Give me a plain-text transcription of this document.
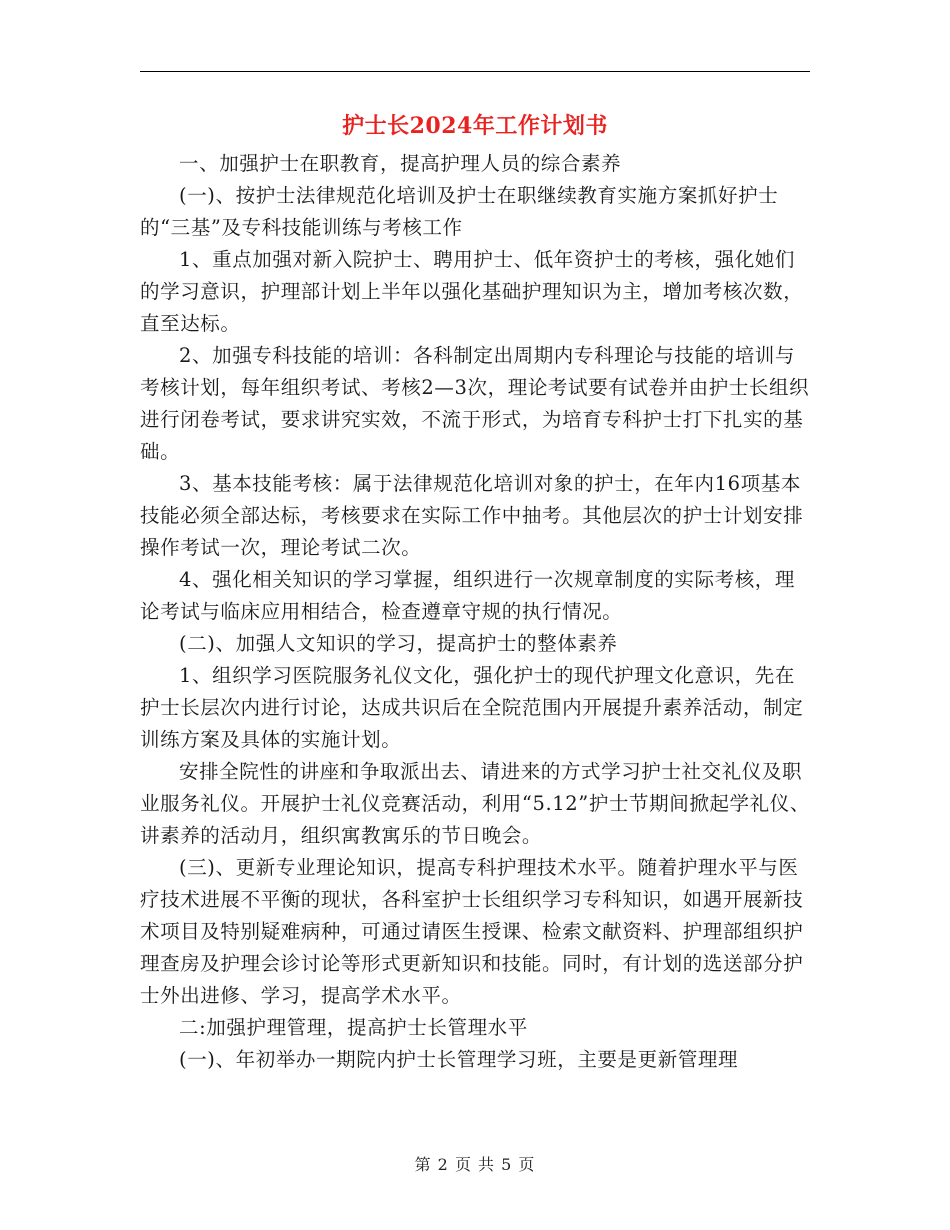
护士长2024年工作计划书

一、加强护士在职教育，提高护理人员的综合素养

(一)、按护士法律规范化培训及护士在职继续教育实施方案抓好护士的“三基”及专科技能训练与考核工作

1、重点加强对新入院护士、聘用护士、低年资护士的考核，强化她们的学习意识，护理部计划上半年以强化基础护理知识为主，增加考核次数，直至达标。

2、加强专科技能的培训：各科制定出周期内专科理论与技能的培训与考核计划，每年组织考试、考核2—3次，理论考试要有试卷并由护士长组织进行闭卷考试，要求讲究实效，不流于形式，为培育专科护士打下扎实的基础。

3、基本技能考核：属于法律规范化培训对象的护士，在年内16项基本技能必须全部达标，考核要求在实际工作中抽考。其他层次的护士计划安排操作考试一次，理论考试二次。

4、强化相关知识的学习掌握，组织进行一次规章制度的实际考核，理论考试与临床应用相结合，检查遵章守规的执行情况。

(二)、加强人文知识的学习，提高护士的整体素养

1、组织学习医院服务礼仪文化，强化护士的现代护理文化意识，先在护士长层次内进行讨论，达成共识后在全院范围内开展提升素养活动，制定训练方案及具体的实施计划。

安排全院性的讲座和争取派出去、请进来的方式学习护士社交礼仪及职业服务礼仪。开展护士礼仪竞赛活动，利用“5.12”护士节期间掀起学礼仪、讲素养的活动月，组织寓教寓乐的节日晚会。

(三)、更新专业理论知识，提高专科护理技术水平。随着护理水平与医疗技术进展不平衡的现状，各科室护士长组织学习专科知识，如遇开展新技术项目及特别疑难病种，可通过请医生授课、检索文献资料、护理部组织护理查房及护理会诊讨论等形式更新知识和技能。同时，有计划的选送部分护士外出进修、学习，提高学术水平。

二:加强护理管理，提高护士长管理水平

(一)、年初举办一期院内护士长管理学习班，主要是更新管理理

第 2 页 共 5 页
